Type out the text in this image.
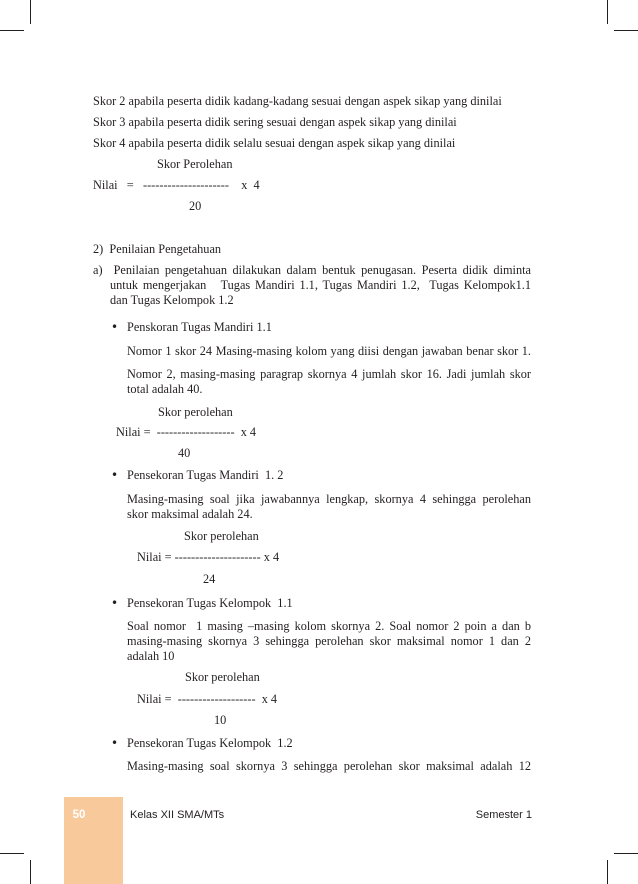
Skor 2 apabila peserta didik kadang-kadang sesuai dengan aspek sikap yang dinilai
Skor 3 apabila peserta didik sering sesuai dengan aspek sikap yang dinilai
Skor 4 apabila peserta didik selalu sesuai dengan aspek sikap yang dinilai
Skor Perolehan
Nilai   =   ---------------------    x  4
20
2)  Penilaian Pengetahuan
a)  Penilaian pengetahuan dilakukan dalam bentuk penugasan. Peserta didik diminta
untuk mengerjakan   Tugas Mandiri 1.1, Tugas Mandiri 1.2,  Tugas Kelompok1.1
dan Tugas Kelompok 1.2
• Penskoran Tugas Mandiri 1.1
Nomor 1 skor 24 Masing-masing kolom yang diisi dengan jawaban benar skor 1.
Nomor 2, masing-masing paragrap skornya 4 jumlah skor 16. Jadi jumlah skor
total adalah 40.
Skor perolehan
Nilai =  -------------------  x 4
40
• Pensekoran Tugas Mandiri  1. 2
Masing-masing soal jika jawabannya lengkap, skornya 4 sehingga perolehan
skor maksimal adalah 24.
Skor perolehan
Nilai = --------------------- x 4
24
• Pensekoran Tugas Kelompok  1.1
Soal nomor  1 masing –masing kolom skornya 2. Soal nomor 2 poin a dan b
masing-masing skornya 3 sehingga perolehan skor maksimal nomor 1 dan 2
adalah 10
Skor perolehan
Nilai =  -------------------  x 4
10
• Pensekoran Tugas Kelompok  1.2
Masing-masing soal skornya 3 sehingga perolehan skor maksimal adalah 12
50	Kelas XII SMA/MTs	Semester 1
